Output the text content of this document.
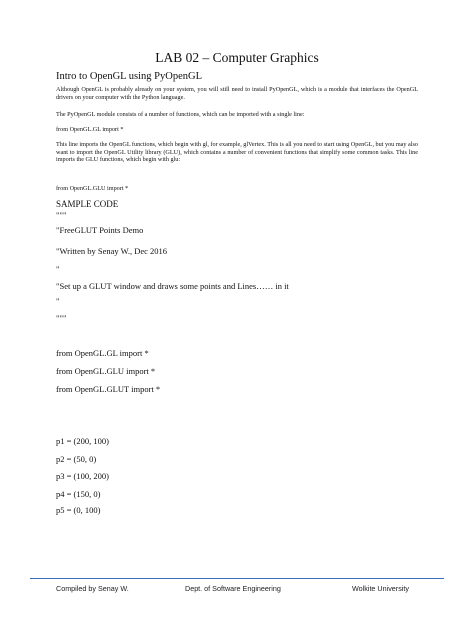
LAB 02 – Computer Graphics
Intro to OpenGL using PyOpenGL
Although OpenGL is probably already on your system, you will still need to install PyOpenGL, which is a module that interfaces the OpenGL drivers on your computer with the Python language.
The PyOpenGL module consists of a number of functions, which can be imported with a single line:
from OpenGL.GL import *
This line imports the OpenGL functions, which begin with gl, for example, glVertex. This is all you need to start using OpenGL, but you may also want to import the OpenGL Utility library (GLU), which contains a number of convenient functions that simplify some common tasks. This line imports the GLU functions, which begin with glu:
from OpenGL.GLU import *
SAMPLE CODE
"""
"FreeGLUT Points Demo
"Written by Senay W., Dec 2016
"
"Set up a GLUT window and draws some points and Lines…… in it
"
"""
from OpenGL.GL import *
from OpenGL.GLU import *
from OpenGL.GLUT import *
p1 = (200, 100)
p2 = (50, 0)
p3 = (100, 200)
p4 = (150, 0)
p5 = (0, 100)
Compiled by Senay W.	Dept. of Software Engineering	Wolkite University
